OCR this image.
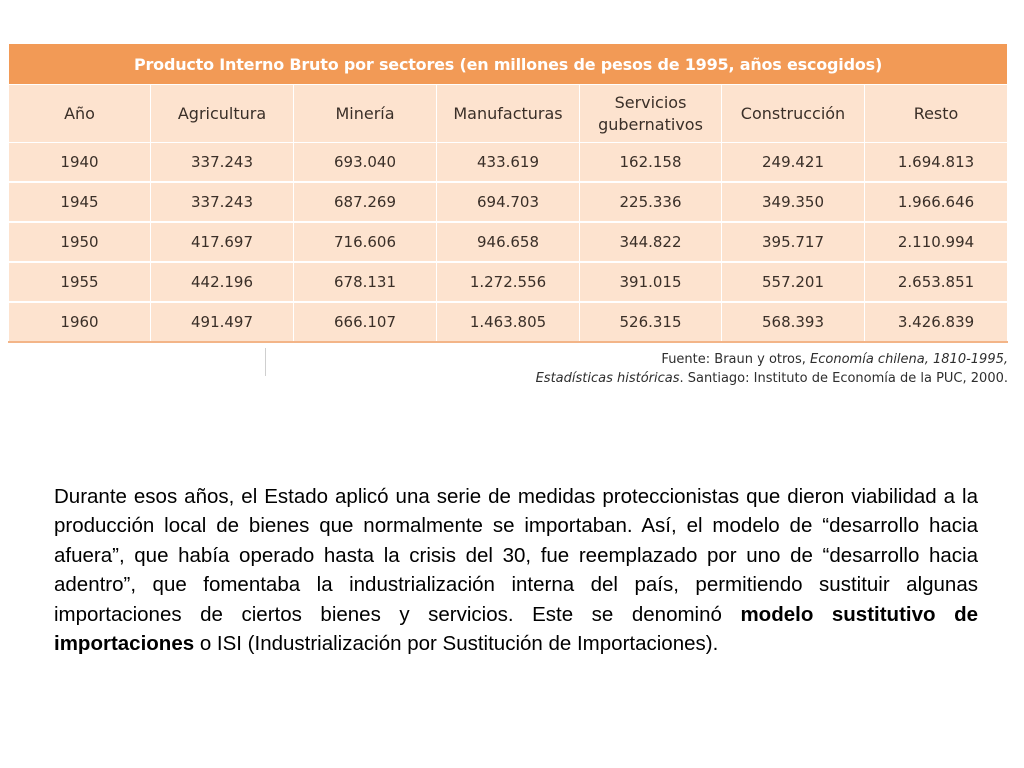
Producto Interno Bruto por sectores (en millones de pesos de 1995, años escogidos)						
Año	Agricultura	Minería	Manufacturas	Servicios gubernativos	Construcción	Resto
1940	337.243	693.040	433.619	162.158	249.421	1.694.813
1945	337.243	687.269	694.703	225.336	349.350	1.966.646
1950	417.697	716.606	946.658	344.822	395.717	2.110.994
1955	442.196	678.131	1.272.556	391.015	557.201	2.653.851
1960	491.497	666.107	1.463.805	526.315	568.393	3.426.839
Fuente: Braun y otros, Economía chilena, 1810-1995,
Estadísticas históricas. Santiago: Instituto de Economía de la PUC, 2000.

Durante esos años, el Estado aplicó una serie de medidas proteccionistas que dieron viabilidad a la producción local de bienes que normalmente se importaban. Así, el modelo de “desarrollo hacia afuera”, que había operado hasta la crisis del 30, fue reemplazado por uno de “desarrollo hacia adentro”, que fomentaba la industrialización interna del país, permitiendo sustituir algunas importaciones de ciertos bienes y servicios. Este se denominó modelo sustitutivo de importaciones o ISI (Industrialización por Sustitución de Importaciones).
